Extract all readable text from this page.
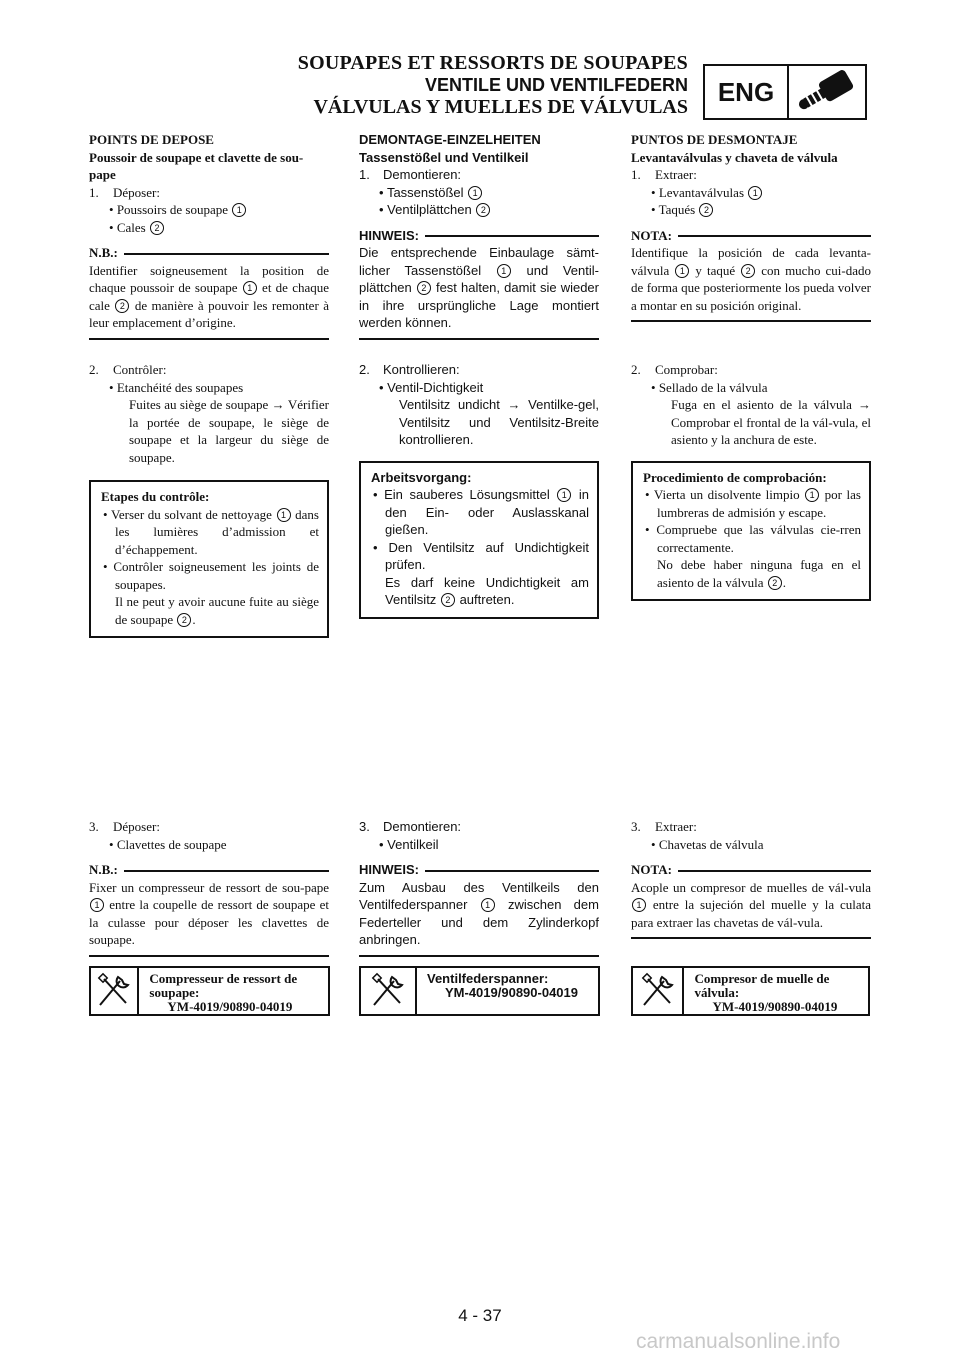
SOUPAPES ET RESSORTS DE SOUPAPES
VENTILE UND VENTILFEDERN
VÁLVULAS Y MUELLES DE VÁLVULAS
ENG
POINTS DE DEPOSE
Poussoir de soupape et clavette de sou-pape
1.	Déposer:
• Poussoirs de soupape 1
• Cales 2
N.B.:
Identifier soigneusement la position de chaque poussoir de soupape 1 et de chaque cale 2 de manière à pouvoir les remonter à leur emplacement d’origine.
2.	Contrôler:
• Etanchéité des soupapes
Fuites au siège de soupape → Vérifier la portée de soupape, le siège de soupape et la largeur du siège de soupape.
Etapes du contrôle:
• Verser du solvant de nettoyage 1 dans les lumières d’admission et d’échappement.
• Contrôler soigneusement les joints de soupapes.
Il ne peut y avoir aucune fuite au siège de soupape 2 .
3.	Déposer:
• Clavettes de soupape
N.B.:
Fixer un compresseur de ressort de sou-pape 1 entre la coupelle de ressort de soupape et la culasse pour déposer les clavettes de soupape.
Compresseur de ressort de soupape:
YM-4019/90890-04019
DEMONTAGE-EINZELHEITEN
Tassenstößel und Ventilkeil
1.	Demontieren:
• Tassenstößel 1
• Ventilplättchen 2
HINWEIS:
Die entsprechende Einbaulage sämt-licher Tassenstößel 1 und Ventil-plättchen 2 fest halten, damit sie wieder in ihre ursprüngliche Lage montiert werden können.
2.	Kontrollieren:
• Ventil-Dichtigkeit
Ventilsitz undicht → Ventilke-gel, Ventilsitz und Ventilsitz-Breite kontrollieren.
Arbeitsvorgang:
• Ein sauberes Lösungsmittel 1 in den Ein- oder Auslasskanal gießen.
• Den Ventilsitz auf Undichtigkeit prüfen.
Es darf keine Undichtigkeit am Ventilsitz 2 auftreten.
3.	Demontieren:
• Ventilkeil
HINWEIS:
Zum Ausbau des Ventilkeils den Ventilfederspanner 1 zwischen dem Federteller und dem Zylinderkopf anbringen.
Ventilfederspanner:
YM-4019/90890-04019
PUNTOS DE DESMONTAJE
Levantaválvulas y chaveta de válvula
1.	Extraer:
• Levantaválvulas 1
• Taqués 2
NOTA:
Identifique la posición de cada levanta-válvula 1 y taqué 2 con mucho cui-dado de forma que posteriormente los pueda volver a montar en su posición original.
2.	Comprobar:
• Sellado de la válvula
Fuga en el asiento de la válvula → Comprobar el frontal de la vál-vula, el asiento y la anchura de este.
Procedimiento de comprobación:
• Vierta un disolvente limpio 1 por las lumbreras de admisión y escape.
• Compruebe que las válvulas cie-rren correctamente.
No debe haber ninguna fuga en el asiento de la válvula 2 .
3.	Extraer:
• Chavetas de válvula
NOTA:
Acople un compresor de muelles de vál-vula 1 entre la sujeción del muelle y la culata para extraer las chavetas de vál-vula.
Compresor de muelle de válvula:
YM-4019/90890-04019
4 - 37
carmanualsonline.info
